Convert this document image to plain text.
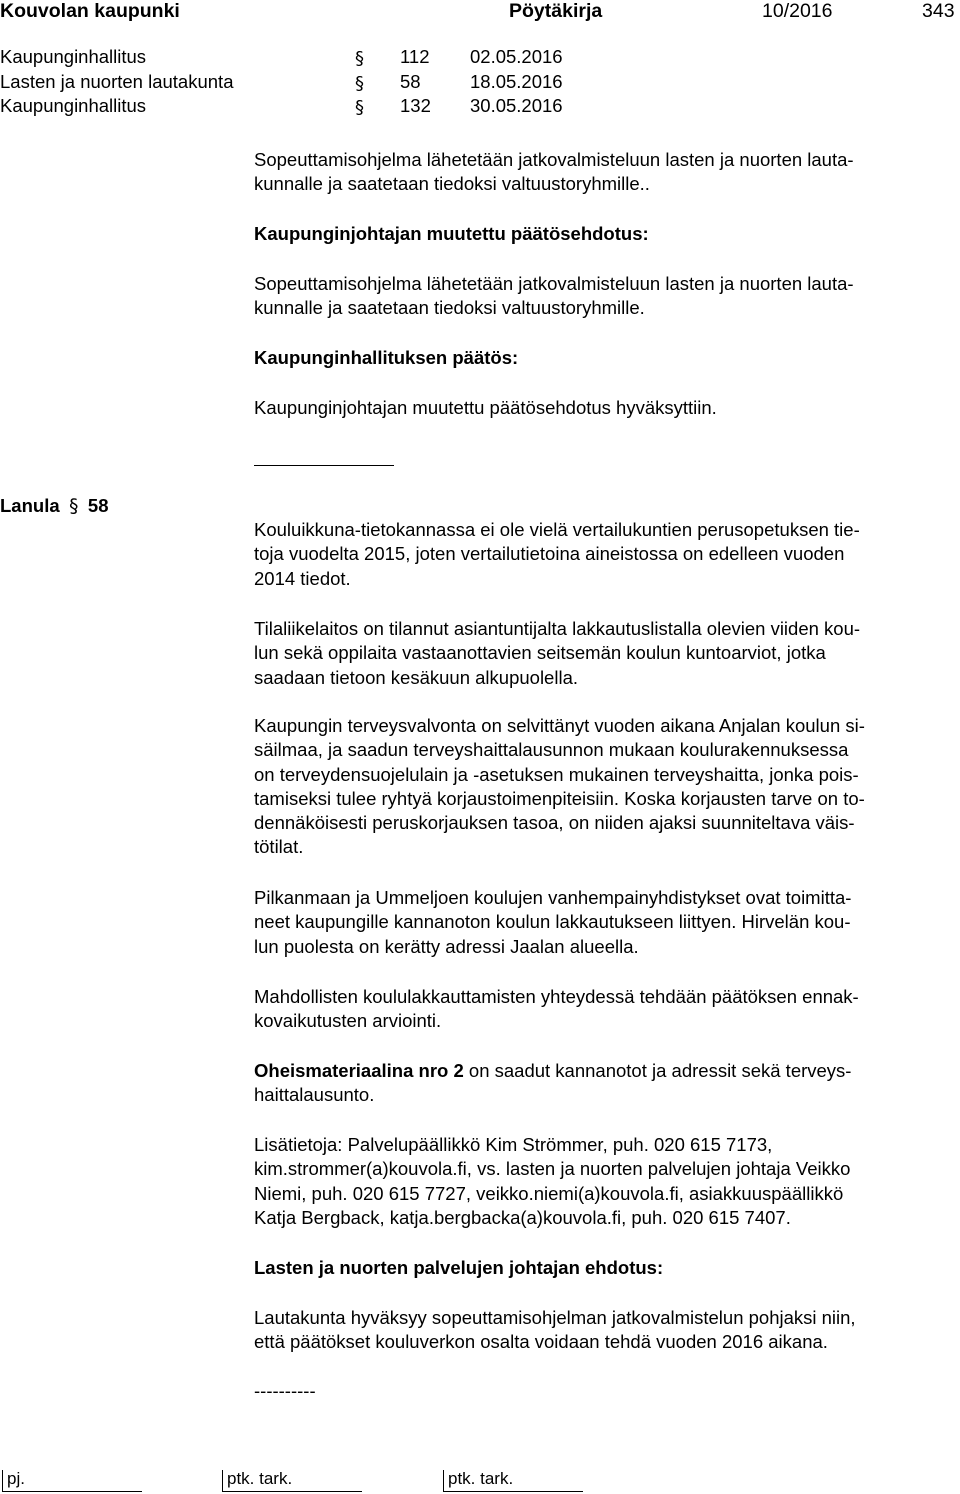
Kouvolan kaupunki	Pöytäkirja	10/2016	343
Kaupunginhallitus	§ 112 02.05.2016
Lasten ja nuorten lautakunta	§ 58	18.05.2016
Kaupunginhallitus	§ 132 30.05.2016

Sopeuttamisohjelma lähetetään jatkovalmisteluun lasten ja nuorten lauta-
kunnalle ja saatetaan tiedoksi valtuustoryhmille..

Kaupunginjohtajan muutettu päätösehdotus:

Sopeuttamisohjelma lähetetään jatkovalmisteluun lasten ja nuorten lauta-
kunnalle ja saatetaan tiedoksi valtuustoryhmille.

Kaupunginhallituksen päätös:
Kaupunginjohtajan muutettu päätösehdotus hyväksyttiin.
Lanula § 58

Kouluikkuna-tietokannassa ei ole vielä vertailukuntien perusopetuksen tie-
toja vuodelta 2015, joten vertailutietoina aineistossa on edelleen vuoden
2014 tiedot.

Tilaliikelaitos on tilannut asiantuntijalta lakkautuslistalla olevien viiden kou-
lun sekä oppilaita vastaanottavien seitsemän koulun kuntoarviot, jotka
saadaan tietoon kesäkuun alkupuolella.

Kaupungin terveysvalvonta on selvittänyt vuoden aikana Anjalan koulun si-
säilmaa, ja saadun terveyshaittalausunnon mukaan koulurakennuksessa
on terveydensuojelulain ja -asetuksen mukainen terveyshaitta, jonka pois-
tamiseksi tulee ryhtyä korjaustoimenpiteisiin. Koska korjausten tarve on to-
dennäköisesti peruskorjauksen tasoa, on niiden ajaksi suunniteltava väis-
tötilat.

Pilkanmaan ja Ummeljoen koulujen vanhempainyhdistykset ovat toimitta-
neet kaupungille kannanoton koulun lakkautukseen liittyen. Hirvelän kou-
lun puolesta on kerätty adressi Jaalan alueella.

Mahdollisten koululakkauttamisten yhteydessä tehdään päätöksen ennak-
kovaikutusten arviointi.

Oheismateriaalina nro 2 on saadut kannanotot ja adressit sekä terveys-
haittalausunto.

Lisätietoja: Palvelupäällikkö Kim Strömmer, puh. 020 615 7173,
kim.strommer(a)kouvola.fi, vs. lasten ja nuorten palvelujen johtaja Veikko
Niemi, puh. 020 615 7727, veikko.niemi(a)kouvola.fi, asiakkuuspäällikkö
Katja Bergback, katja.bergbacka(a)kouvola.fi, puh. 020 615 7407.

Lasten ja nuorten palvelujen johtajan ehdotus:

Lautakunta hyväksyy sopeuttamisohjelman jatkovalmistelun pohjaksi niin,
että päätökset kouluverkon osalta voidaan tehdä vuoden 2016 aikana.

----------
pj.	ptk. tark.	ptk. tark.
